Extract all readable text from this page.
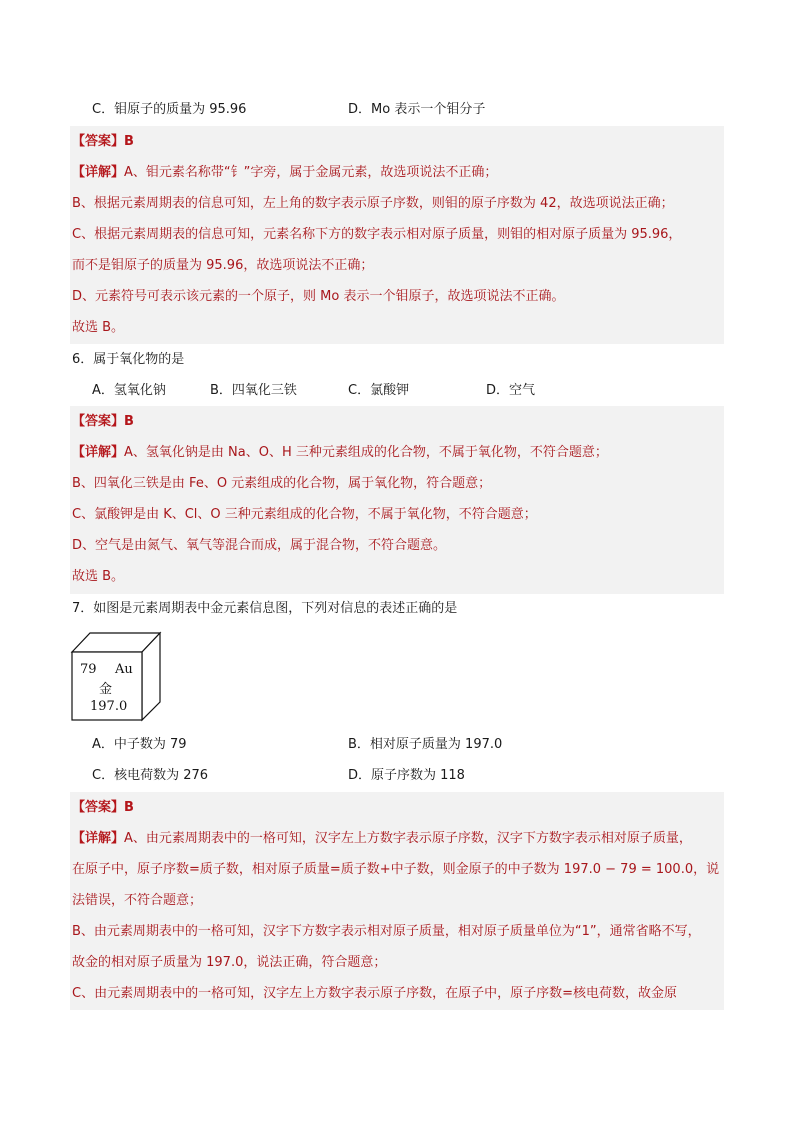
C．钼原子的质量为 95.96	D．Mo 表示一个钼分子
【答案】B
【详解】A、钼元素名称带“钅”字旁，属于金属元素，故选项说法不正确；
B、根据元素周期表的信息可知，左上角的数字表示原子序数，则钼的原子序数为 42，故选项说法正确；
C、根据元素周期表的信息可知，元素名称下方的数字表示相对原子质量，则钼的相对原子质量为 95.96，
而不是钼原子的质量为 95.96，故选项说法不正确；
D、元素符号可表示该元素的一个原子，则 Mo 表示一个钼原子，故选项说法不正确。
故选 B。
6．属于氧化物的是
A．氢氧化钠	B．四氧化三铁	C．氯酸钾	D．空气
【答案】B
【详解】A、氢氧化钠是由 Na、O、H 三种元素组成的化合物，不属于氧化物，不符合题意；
B、四氧化三铁是由 Fe、O 元素组成的化合物，属于氧化物，符合题意；
C、氯酸钾是由 K、Cl、O 三种元素组成的化合物，不属于氧化物，不符合题意；
D、空气是由氮气、氧气等混合而成，属于混合物，不符合题意。
故选 B。
7．如图是元素周期表中金元素信息图，下列对信息的表述正确的是
79 Au
金
197.0
A．中子数为 79	B．相对原子质量为 197.0
C．核电荷数为 276	D．原子序数为 118
【答案】B
【详解】A、由元素周期表中的一格可知，汉字左上方数字表示原子序数，汉字下方数字表示相对原子质量，
在原子中，原子序数=质子数，相对原子质量=质子数+中子数，则金原子的中子数为 197.0 − 79 = 100.0，说
法错误，不符合题意；
B、由元素周期表中的一格可知，汉字下方数字表示相对原子质量，相对原子质量单位为“1”，通常省略不写，
故金的相对原子质量为 197.0，说法正确，符合题意；
C、由元素周期表中的一格可知，汉字左上方数字表示原子序数，在原子中，原子序数=核电荷数，故金原
